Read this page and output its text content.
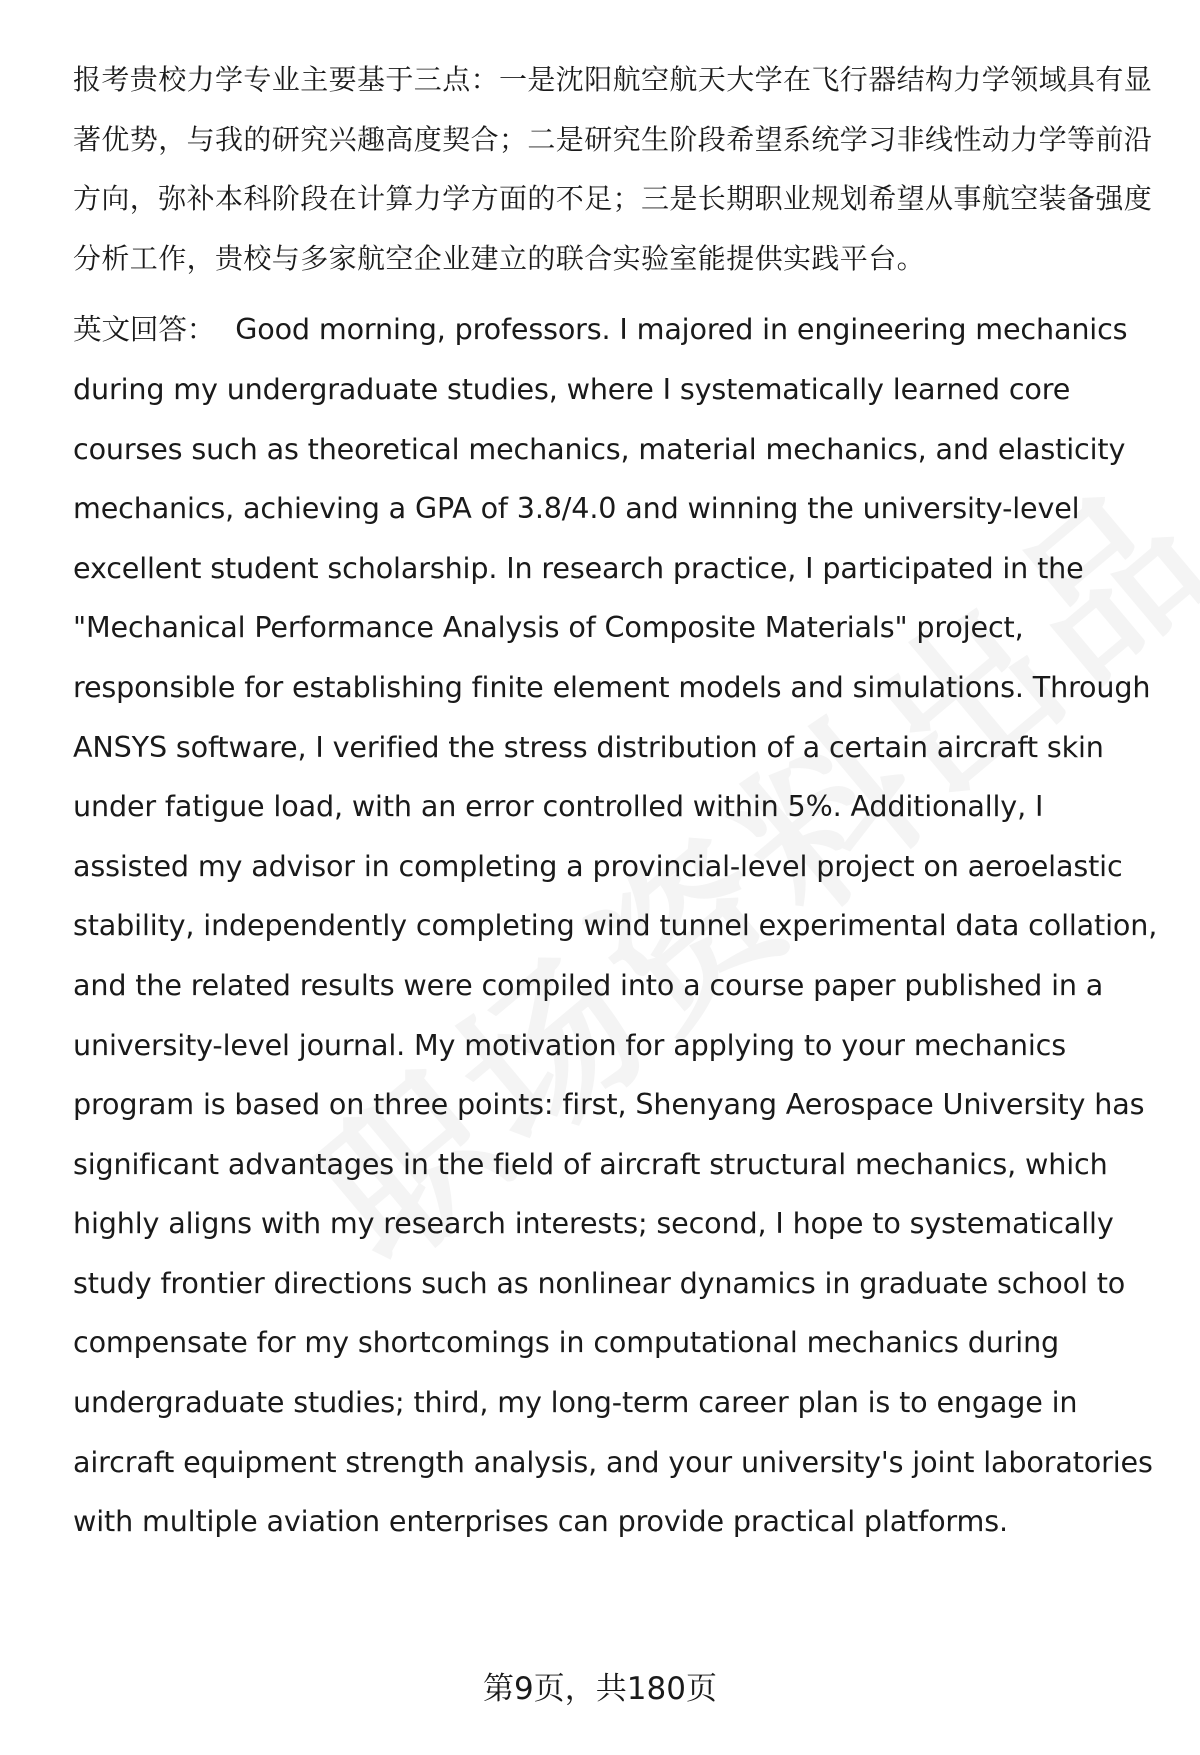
报考贵校力学专业主要基于三点：一是沈阳航空航天大学在飞行器结构力学领域具有显著优势，与我的研究兴趣高度契合；二是研究生阶段希望系统学习非线性动力学等前沿方向，弥补本科阶段在计算力学方面的不足；三是长期职业规划希望从事航空装备强度分析工作，贵校与多家航空企业建立的联合实验室能提供实践平台。

英文回答： Good morning, professors. I majored in engineering mechanics during my undergraduate studies, where I systematically learned core courses such as theoretical mechanics, material mechanics, and elasticity mechanics, achieving a GPA of 3.8/4.0 and winning the university-level excellent student scholarship. In research practice, I participated in the "Mechanical Performance Analysis of Composite Materials" project, responsible for establishing finite element models and simulations. Through ANSYS software, I verified the stress distribution of a certain aircraft skin under fatigue load, with an error controlled within 5%. Additionally, I assisted my advisor in completing a provincial-level project on aeroelastic stability, independently completing wind tunnel experimental data collation, and the related results were compiled into a course paper published in a university-level journal. My motivation for applying to your mechanics program is based on three points: first, Shenyang Aerospace University has significant advantages in the field of aircraft structural mechanics, which highly aligns with my research interests; second, I hope to systematically study frontier directions such as nonlinear dynamics in graduate school to compensate for my shortcomings in computational mechanics during undergraduate studies; third, my long-term career plan is to engage in aircraft equipment strength analysis, and your university's joint laboratories with multiple aviation enterprises can provide practical platforms.

第9页，共180页
